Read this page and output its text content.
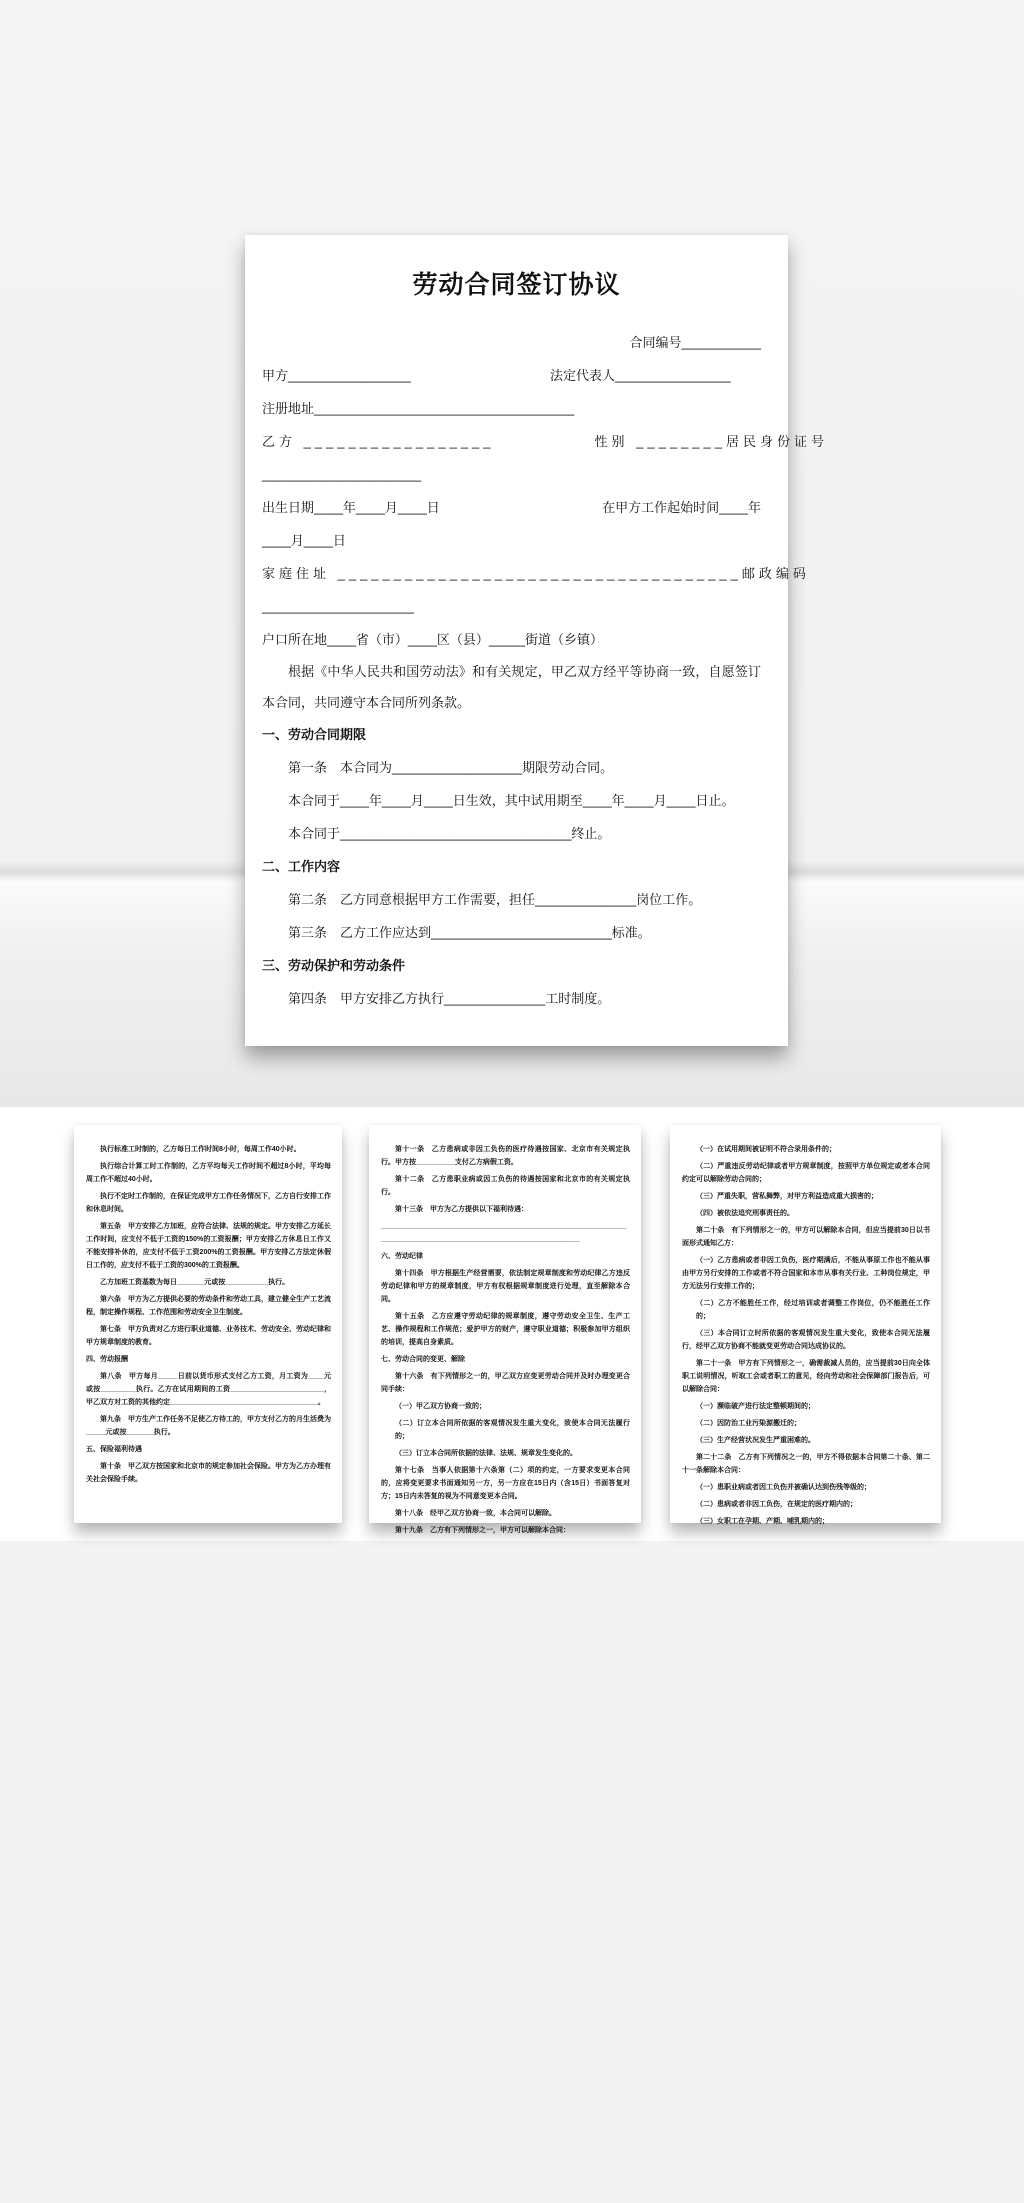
劳动合同签订协议
合同编号___________
甲方_________________	法定代表人________________
注册地址____________________________________
乙方 _________________	性别 ________ 居民身份证号
______________________
出生日期____年____月____日	在甲方工作起始时间____年
____月____日
家庭住址 ____________________________________ 邮政编码
_____________________
户口所在地____省（市）____区（县）_____街道（乡镇）
根据《中华人民共和国劳动法》和有关规定，甲乙双方经平等协商一致，自愿签订本合同，共同遵守本合同所列条款。
一、劳动合同期限
第一条　本合同为__________________期限劳动合同。
本合同于____年____月____日生效，其中试用期至____年____月____日止。
本合同于________________________________终止。
二、工作内容
第二条　乙方同意根据甲方工作需要，担任______________岗位工作。
第三条　乙方工作应达到_________________________标准。
三、劳动保护和劳动条件
第四条　甲方安排乙方执行______________工时制度。

执行标准工时制的，乙方每日工作时间8小时，每周工作40小时。

执行综合计算工时工作制的，乙方平均每天工作时间不超过8小时，平均每周工作不超过40小时。

执行不定时工作制的，在保证完成甲方工作任务情况下，乙方自行安排工作和休息时间。

第五条　甲方安排乙方加班，应符合法律、法规的规定。甲方安排乙方延长工作时间，应支付不低于工资的150%的工资报酬；甲方安排乙方休息日工作又不能安排补休的，应支付不低于工资200%的工资报酬。甲方安排乙方法定休假日工作的，应支付不低于工资的300%的工资报酬。

乙方加班工资基数为每日_______元或按___________执行。

第六条　甲方为乙方提供必要的劳动条件和劳动工具，建立健全生产工艺流程，制定操作规程、工作范围和劳动安全卫生制度。

第七条　甲方负责对乙方进行职业道德、业务技术、劳动安全、劳动纪律和甲方规章制度的教育。

四、劳动报酬

第八条　甲方每月_____日前以货币形式支付乙方工资，月工资为____元或按_________执行。乙方在试用期间的工资________________________，甲乙双方对工资的其他约定______________________________________。

第九条　甲方生产工作任务不足使乙方待工的，甲方支付乙方的月生活费为_____元或按_______执行。

五、保险福利待遇

第十条　甲乙双方按国家和北京市的规定参加社会保险。甲方为乙方办理有关社会保险手续。

第十一条　乙方患病或非因工负伤的医疗待遇按国家、北京市有关规定执行。甲方按__________支付乙方病假工资。

第十二条　乙方患职业病或因工负伤的待遇按国家和北京市的有关规定执行。

第十三条　甲方为乙方提供以下福利待遇：

__________________________________________________________________________________________________________________

六、劳动纪律

第十四条　甲方根据生产经营需要，依法制定规章制度和劳动纪律乙方违反劳动纪律和甲方的规章制度，甲方有权根据规章制度进行处理，直至解除本合同。

第十五条　乙方应遵守劳动纪律的规章制度，遵守劳动安全卫生、生产工艺、操作规程和工作规范；爱护甲方的财产，遵守职业道德；积极参加甲方组织的培训，提高自身素质。

七、劳动合同的变更、解除

第十六条　有下列情形之一的，甲乙双方应变更劳动合同并及时办理变更合同手续：

（一）甲乙双方协商一致的；

（二）订立本合同所依据的客观情况发生重大变化，致使本合同无法履行的；

（三）订立本合同所依据的法律、法规、规章发生变化的。

第十七条　当事人依据第十六条第（二）项的约定，一方要求变更本合同的，应将变更要求书面通知另一方，另一方应在15日内（含15日）书面答复对方；15日内未答复的视为不同意变更本合同。

第十八条　经甲乙双方协商一致，本合同可以解除。

第十九条　乙方有下列情形之一，甲方可以解除本合同：

（一）在试用期间被证明不符合录用条件的；

（二）严重违反劳动纪律或者甲方规章制度，按照甲方单位规定或者本合同约定可以解除劳动合同的；

（三）严重失职，营私舞弊，对甲方利益造成重大损害的；

（四）被依法追究刑事责任的。

第二十条　有下列情形之一的，甲方可以解除本合同，但应当提前30日以书面形式通知乙方：

（一）乙方患病或者非因工负伤，医疗期满后，不能从事原工作也不能从事由甲方另行安排的工作或者不符合国家和本市从事有关行业、工种岗位规定，甲方无法另行安排工作的；

（二）乙方不能胜任工作，经过培训或者调整工作岗位，仍不能胜任工作的；

（三）本合同订立时所依据的客观情况发生重大变化，致使本合同无法履行，经甲乙双方协商不能就变更劳动合同达成协议的。

第二十一条　甲方有下列情形之一，确需裁减人员的，应当提前30日向全体职工说明情况，听取工会或者职工的意见，经向劳动和社会保障部门报告后，可以解除合同：

（一）濒临破产进行法定整顿期间的；

（二）因防治工业污染源搬迁的；

（三）生产经营状况发生严重困难的。

第二十二条　乙方有下列情况之一的，甲方不得依据本合同第二十条、第二十一条解除本合同：

（一）患职业病或者因工负伤并被确认达到伤残等级的；

（二）患病或者非因工负伤，在规定的医疗期内的；

（三）女职工在孕期、产期、哺乳期内的；
